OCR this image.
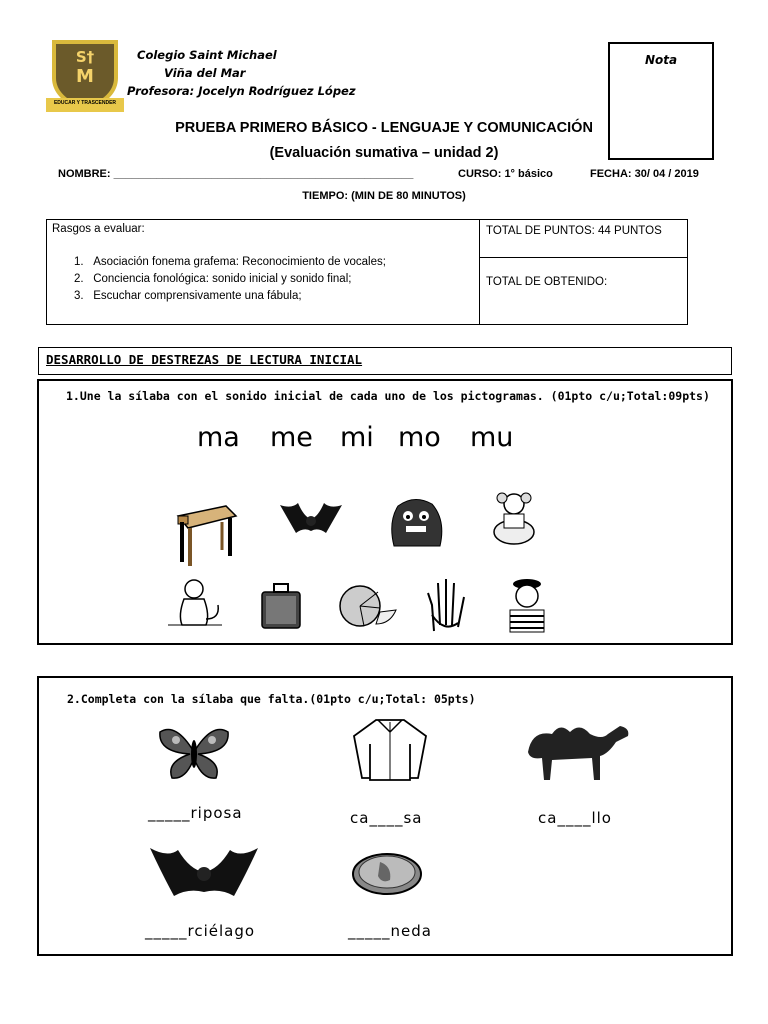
S†
M
EDUCAR Y TRASCENDER
Colegio Saint Michael
Viña del Mar
Profesora: Jocelyn Rodríguez López
Nota
PRUEBA PRIMERO BÁSICO - LENGUAJE Y COMUNICACIÓN
(Evaluación sumativa – unidad 2)
NOMBRE: _________________________________________________	CURSO: 1° básico	FECHA: 30/ 04 / 2019
TIEMPO: (MIN DE 80 MINUTOS)
Rasgos a evaluar:
1.   Asociación fonema grafema: Reconocimiento de vocales;
2.   Conciencia fonológica: sonido inicial y sonido final;
3.   Escuchar comprensivamente una fábula;
TOTAL DE PUNTOS: 44 PUNTOS
TOTAL DE OBTENIDO:
DESARROLLO DE DESTREZAS DE LECTURA INICIAL
1.Une la sílaba con el sonido inicial de cada uno de los pictogramas. (01pto c/u;Total:09pts)
ma me mi mo mu
2.Completa con la sílaba que falta.(01pto c/u;Total: 05pts)
_____riposa	ca____sa	ca____llo
_____rciélago	_____neda
